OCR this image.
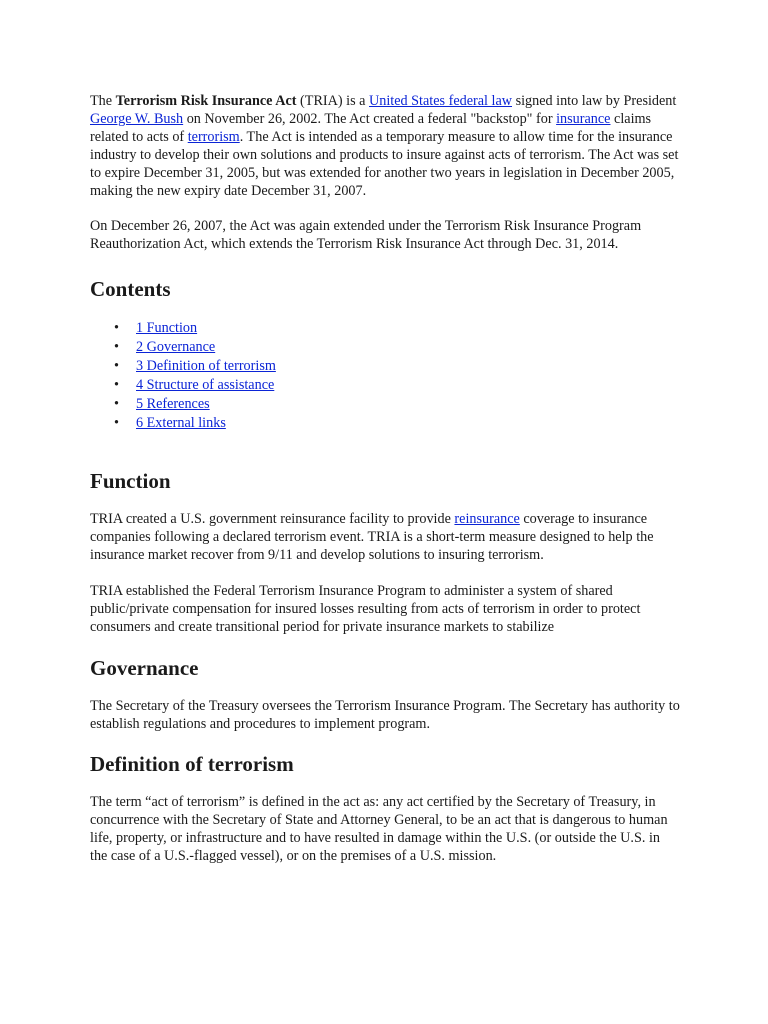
The Terrorism Risk Insurance Act (TRIA) is a United States federal law signed into law by President George W. Bush on November 26, 2002. The Act created a federal "backstop" for insurance claims related to acts of terrorism. The Act is intended as a temporary measure to allow time for the insurance industry to develop their own solutions and products to insure against acts of terrorism. The Act was set to expire December 31, 2005, but was extended for another two years in legislation in December 2005, making the new expiry date December 31, 2007.

On December 26, 2007, the Act was again extended under the Terrorism Risk Insurance Program Reauthorization Act, which extends the Terrorism Risk Insurance Act through Dec. 31, 2014.

Contents
• 1 Function
• 2 Governance
• 3 Definition of terrorism
• 4 Structure of assistance
• 5 References
• 6 External links
Function

TRIA created a U.S. government reinsurance facility to provide reinsurance coverage to insurance companies following a declared terrorism event. TRIA is a short-term measure designed to help the insurance market recover from 9/11 and develop solutions to insuring terrorism.

TRIA established the Federal Terrorism Insurance Program to administer a system of shared public/private compensation for insured losses resulting from acts of terrorism in order to protect consumers and create transitional period for private insurance markets to stabilize

Governance

The Secretary of the Treasury oversees the Terrorism Insurance Program. The Secretary has authority to establish regulations and procedures to implement program.

Definition of terrorism

The term “act of terrorism” is defined in the act as: any act certified by the Secretary of Treasury, in concurrence with the Secretary of State and Attorney General, to be an act that is dangerous to human life, property, or infrastructure and to have resulted in damage within the U.S. (or outside the U.S. in the case of a U.S.-flagged vessel), or on the premises of a U.S. mission.
